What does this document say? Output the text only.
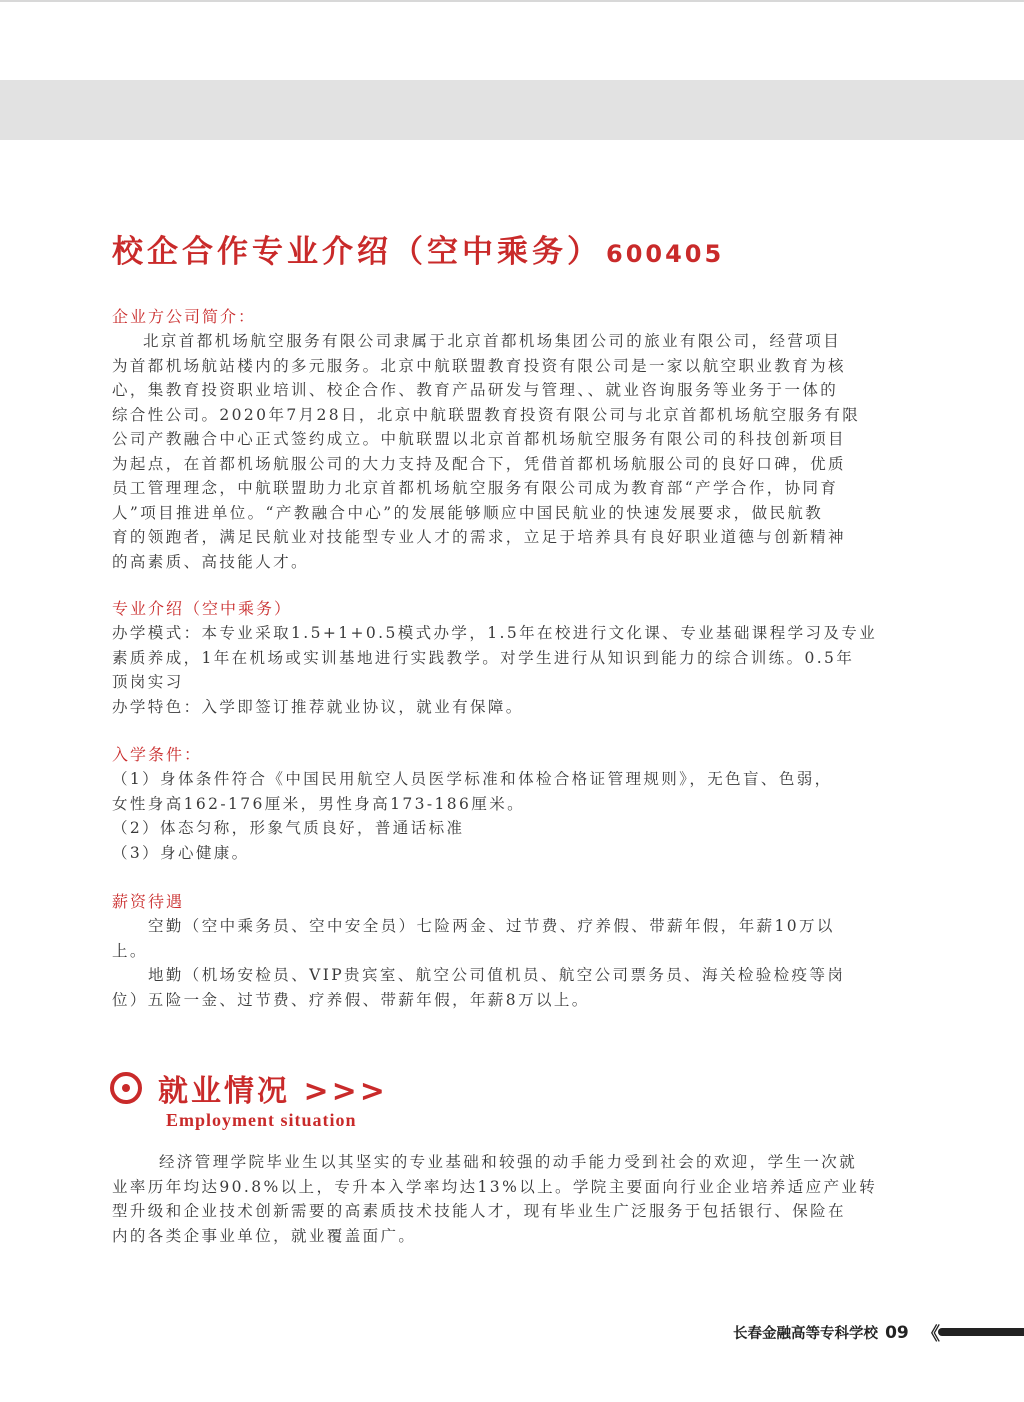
校企合作专业介绍（空中乘务） 600405
企业方公司简介：
北京首都机场航空服务有限公司隶属于北京首都机场集团公司的旅业有限公司，经营项目
为首都机场航站楼内的多元服务。北京中航联盟教育投资有限公司是一家以航空职业教育为核
心，集教育投资职业培训、校企合作、教育产品研发与管理、、就业咨询服务等业务于一体的
综合性公司。2020年7月28日，北京中航联盟教育投资有限公司与北京首都机场航空服务有限
公司产教融合中心正式签约成立。中航联盟以北京首都机场航空服务有限公司的科技创新项目
为起点，在首都机场航服公司的大力支持及配合下，凭借首都机场航服公司的良好口碑，优质
员工管理理念，中航联盟助力北京首都机场航空服务有限公司成为教育部“产学合作，协同育
人”项目推进单位。“产教融合中心”的发展能够顺应中国民航业的快速发展要求，做民航教
育的领跑者，满足民航业对技能型专业人才的需求，立足于培养具有良好职业道德与创新精神
的高素质、高技能人才。
专业介绍（空中乘务）
办学模式：本专业采取1.5+1+0.5模式办学，1.5年在校进行文化课、专业基础课程学习及专业
素质养成，1年在机场或实训基地进行实践教学。对学生进行从知识到能力的综合训练。0.5年
顶岗实习
办学特色：入学即签订推荐就业协议，就业有保障。
入学条件：
（1）身体条件符合《中国民用航空人员医学标准和体检合格证管理规则》，无色盲、色弱，
女性身高162-176厘米，男性身高173-186厘米。
（2）体态匀称，形象气质良好，普通话标准
（3）身心健康。
薪资待遇
空勤（空中乘务员、空中安全员）七险两金、过节费、疗养假、带薪年假，年薪10万以
上。
地勤（机场安检员、VIP贵宾室、航空公司值机员、航空公司票务员、海关检验检疫等岗
位）五险一金、过节费、疗养假、带薪年假，年薪8万以上。
就业情况 >>>
Employment situation
经济管理学院毕业生以其坚实的专业基础和较强的动手能力受到社会的欢迎，学生一次就
业率历年均达90.8%以上，专升本入学率均达13%以上。学院主要面向行业企业培养适应产业转
型升级和企业技术创新需要的高素质技术技能人才，现有毕业生广泛服务于包括银行、保险在
内的各类企事业单位，就业覆盖面广。
长春金融高等专科学校 09 《
